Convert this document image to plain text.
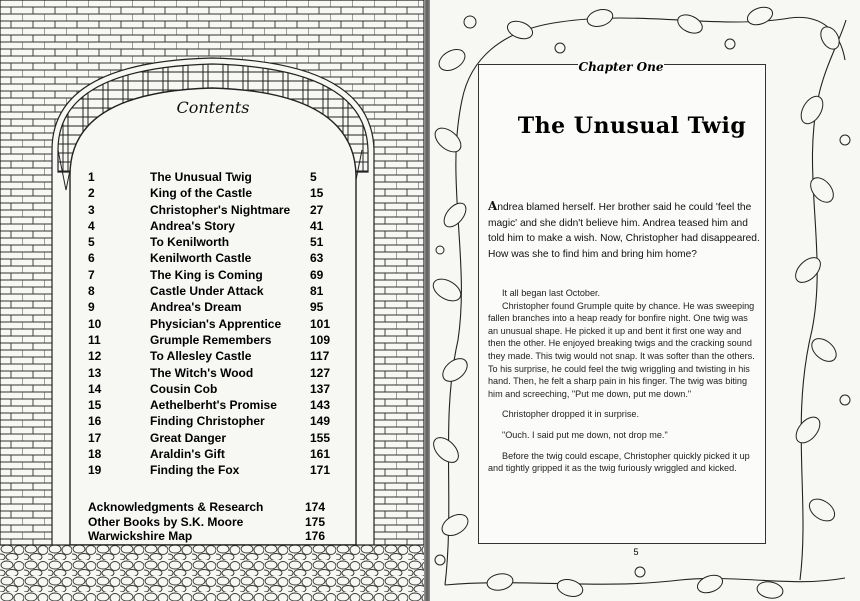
Contents
1	The Unusual Twig	5
2	King of the Castle	15
3	Christopher's Nightmare 27
4	Andrea's Story	41
5	To Kenilworth	51
6	Kenilworth Castle	63
7	The King is Coming	69
8	Castle Under Attack	81
9	Andrea's Dream	95
10	Physician's Apprentice 101
11	Grumple Remembers	109
12	To Allesley Castle	117
13	The Witch's Wood	127
14	Cousin Cob	137
15	Aethelberht's Promise	143
16	Finding Christopher	149
17	Great Danger	155
18	Araldin's Gift	161
19	Finding the Fox	171
Acknowledgments & Research	174
Other Books by S.K. Moore	175
Warwickshire Map	176
Chapter One
The Unusual Twig
Andrea blamed herself. Her brother said he could 'feel the magic' and she didn't believe him. Andrea teased him and told him to make a wish. Now, Christopher had disappeared. How was she to find him and bring him home?

It all began last October.

Christopher found Grumple quite by chance. He was sweeping fallen branches into a heap ready for bonfire night. One twig was an unusual shape. He picked it up and bent it first one way and then the other. He enjoyed breaking twigs and the cracking sound they made. This twig would not snap. It was softer than the others. To his surprise, he could feel the twig wriggling and twisting in his hand. Then, he felt a sharp pain in his finger. The twig was biting him and screeching, "Put me down, put me down."

Christopher dropped it in surprise.

"Ouch. I said put me down, not drop me."

Before the twig could escape, Christopher quickly picked it up and tightly gripped it as the twig furiously wriggled and kicked.

5
